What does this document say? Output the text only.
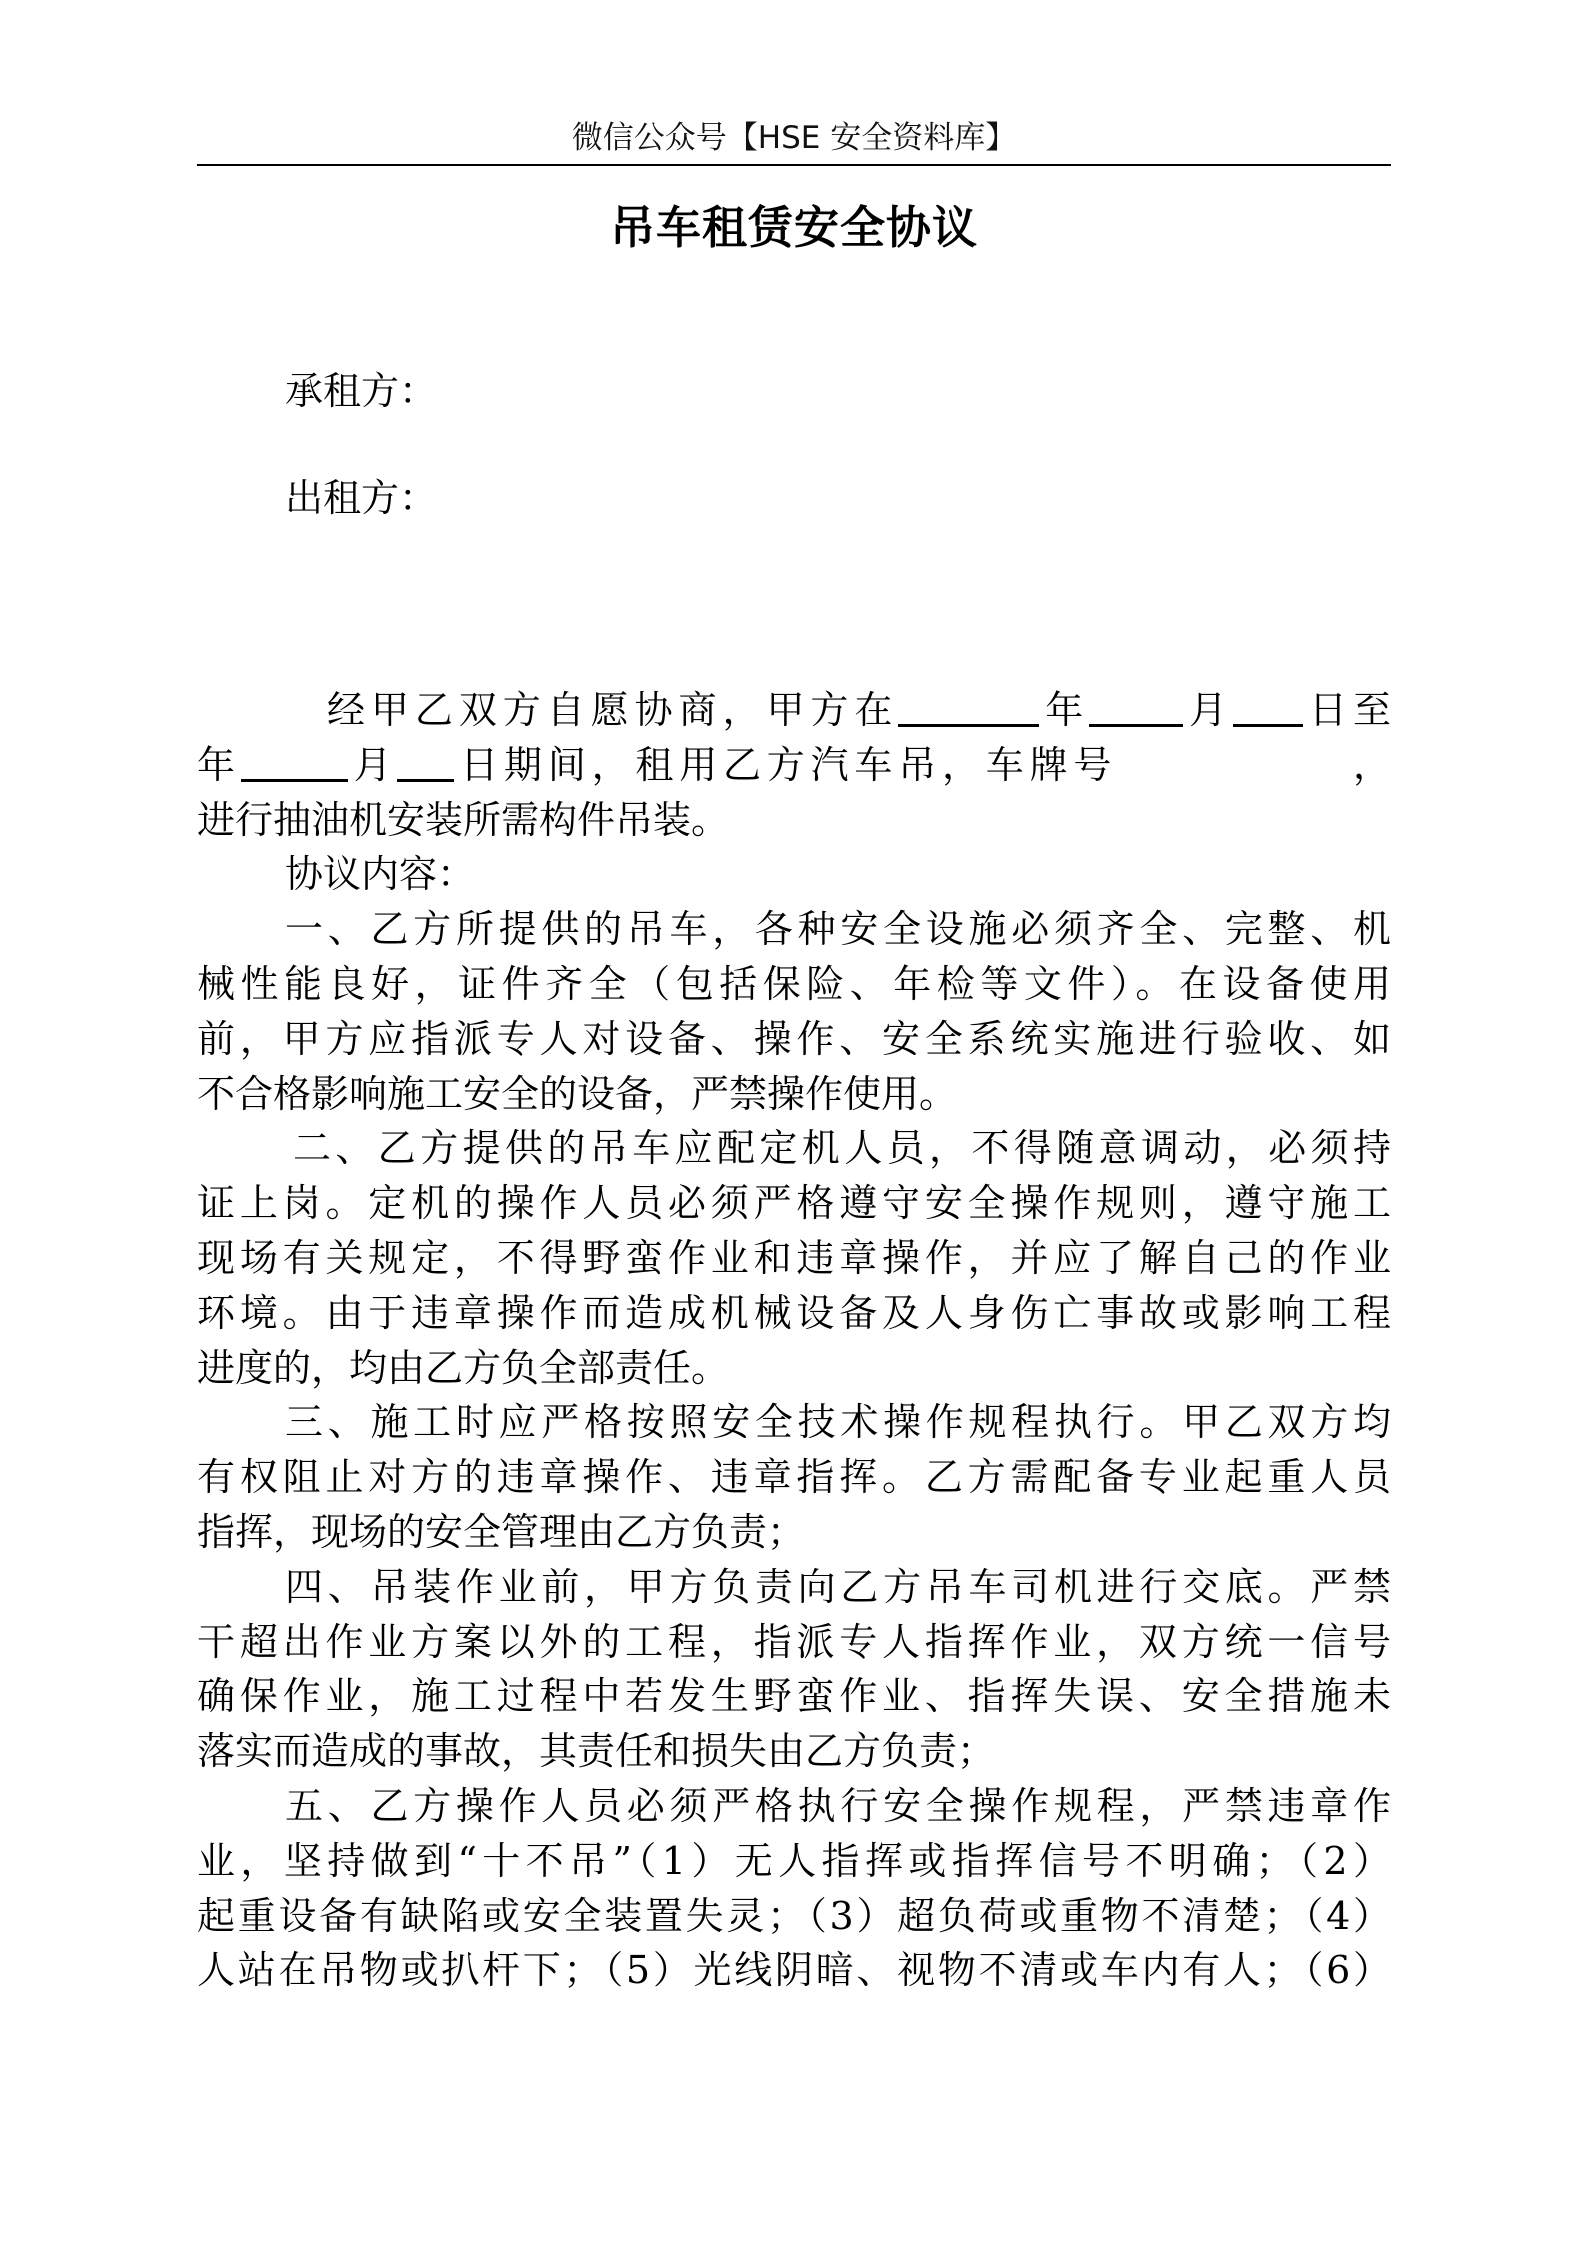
微信公众号【HSE 安全资料库】
吊车租赁安全协议
承租方：
出租方：
经甲乙双方自愿协商，甲方在	年 月 日至
年	月 日期间，租用乙方汽车吊，车牌号	，
进行抽油机安装所需构件吊装。
协议内容：
一、乙方所提供的吊车，各种安全设施必须齐全、完整、机
械性能良好，证件齐全（包括保险、年检等文件）。在设备使用
前，甲方应指派专人对设备、操作、安全系统实施进行验收、如
不合格影响施工安全的设备，严禁操作使用。
二、乙方提供的吊车应配定机人员，不得随意调动，必须持
证上岗。定机的操作人员必须严格遵守安全操作规则，遵守施工
现场有关规定，不得野蛮作业和违章操作，并应了解自己的作业
环境。由于违章操作而造成机械设备及人身伤亡事故或影响工程
进度的，均由乙方负全部责任。
三、施工时应严格按照安全技术操作规程执行。甲乙双方均
有权阻止对方的违章操作、违章指挥。乙方需配备专业起重人员
指挥，现场的安全管理由乙方负责；
四、吊装作业前，甲方负责向乙方吊车司机进行交底。严禁
干超出作业方案以外的工程，指派专人指挥作业，双方统一信号
确保作业，施工过程中若发生野蛮作业、指挥失误、安全措施未
落实而造成的事故，其责任和损失由乙方负责；
五、乙方操作人员必须严格执行安全操作规程，严禁违章作
业，坚持做到“十不吊”（1）无人指挥或指挥信号不明确；（2）
起重设备有缺陷或安全装置失灵；（3）超负荷或重物不清楚；（4）
人站在吊物或扒杆下；（5）光线阴暗、视物不清或车内有人；（6）
